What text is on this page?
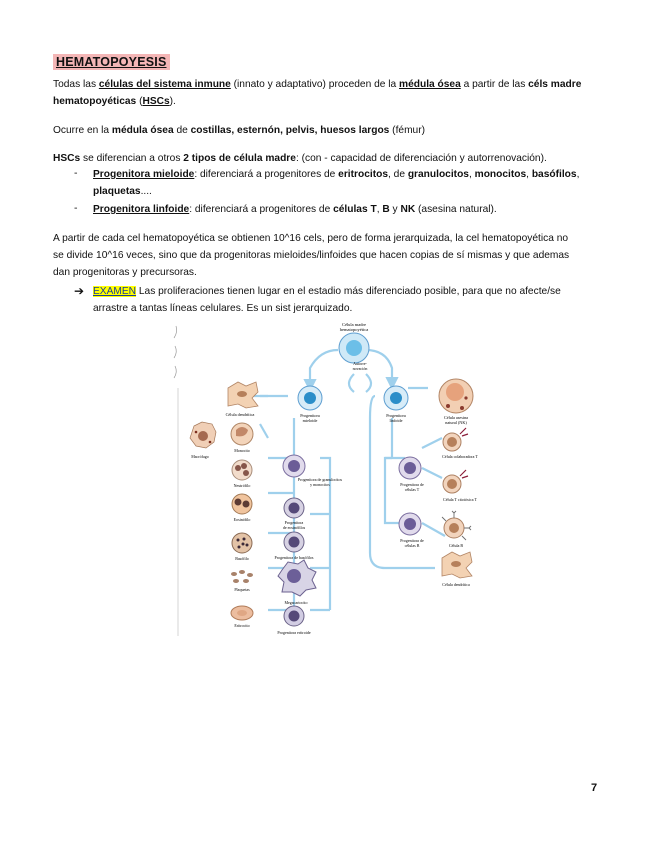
HEMATOPOYESIS
Todas las células del sistema inmune (innato y adaptativo) proceden de la médula ósea a partir de las céls madre
hematopoyéticas (HSCs).
Ocurre en la médula ósea de costillas, esternón, pelvis, huesos largos (fémur)
HSCs se diferencian a otros 2 tipos de célula madre: (con - capacidad de diferenciación y autorrenovación).
- Progenitora mieloide: diferenciará a progenitores de eritrocitos, de granulocitos, monocitos, basófilos,
plaquetas....
- Progenitora linfoide: diferenciará a progenitores de células T, B y NK (asesina natural).
A partir de cada cel hematopoyética se obtienen 10^16 cels, pero de forma jerarquizada, la cel hematopoyética no
se divide 10^16 veces, sino que da progenitoras mieloides/linfoides que hacen copias de sí mismas y que ademas
dan progenitoras y precursoras.
➔ EXAMEN Las proliferaciones tienen lugar en el estadio más diferenciado posible, para que no afecte/se
arrastre a tantas líneas celulares. Es un sist jerarquizado.
Célula madre
hematopoyética
Autorre-
novación
Progenitora
mieloide
Progenitora
linfoide
Célula dendrítica
Célula asesina
natural (NK)
Macrófago
Monocito
Neutrófilo
Progenitora de granulocitos
y monocitos
Eosinófilo
Progenitora
de eosinófilos
Basófilo	Progenitora de basófilos
Plaquetas
Megacariocito
Eritrocito
Progenitora eritroide
Progenitora de
células T
Progenitora de
células B
Célula colaboradora T
Célula T citotóxica T
Célula B
Célula dendrítica
7
